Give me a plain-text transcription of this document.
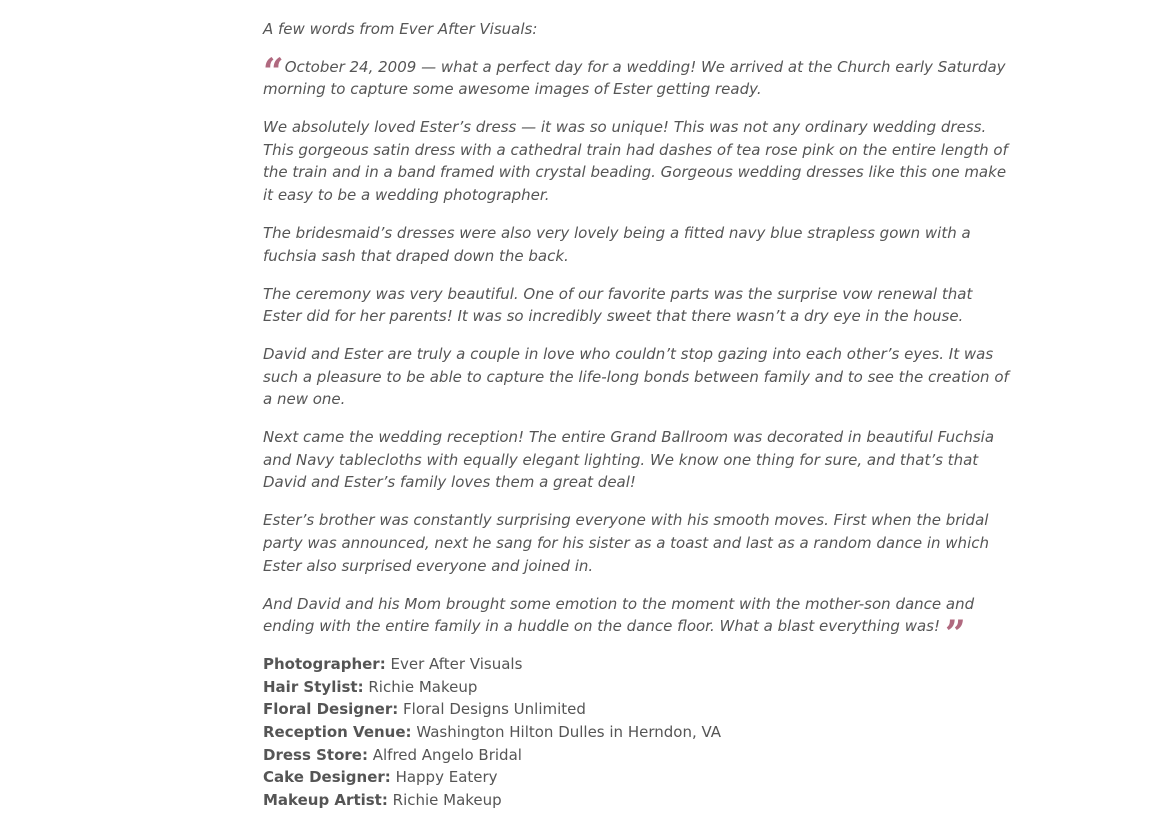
A few words from Ever After Visuals:

“ October 24, 2009 — what a perfect day for a wedding! We arrived at the Church early Saturday morning to capture some awesome images of Ester getting ready.

We absolutely loved Ester’s dress — it was so unique! This was not any ordinary wedding dress. This gorgeous satin dress with a cathedral train had dashes of tea rose pink on the entire length of the train and in a band framed with crystal beading. Gorgeous wedding dresses like this one make it easy to be a wedding photographer.

The bridesmaid’s dresses were also very lovely being a fitted navy blue strapless gown with a fuchsia sash that draped down the back.

The ceremony was very beautiful. One of our favorite parts was the surprise vow renewal that Ester did for her parents! It was so incredibly sweet that there wasn’t a dry eye in the house.

David and Ester are truly a couple in love who couldn’t stop gazing into each other’s eyes. It was such a pleasure to be able to capture the life-long bonds between family and to see the creation of a new one.

Next came the wedding reception! The entire Grand Ballroom was decorated in beautiful Fuchsia and Navy tablecloths with equally elegant lighting. We know one thing for sure, and that’s that David and Ester’s family loves them a great deal!

Ester’s brother was constantly surprising everyone with his smooth moves. First when the bridal party was announced, next he sang for his sister as a toast and last as a random dance in which Ester also surprised everyone and joined in.

And David and his Mom brought some emotion to the moment with the mother-son dance and ending with the entire family in a huddle on the dance floor. What a blast everything was! ”

Photographer: Ever After Visuals
Hair Stylist: Richie Makeup
Floral Designer: Floral Designs Unlimited
Reception Venue: Washington Hilton Dulles in Herndon, VA
Dress Store: Alfred Angelo Bridal
Cake Designer: Happy Eatery
Makeup Artist: Richie Makeup
